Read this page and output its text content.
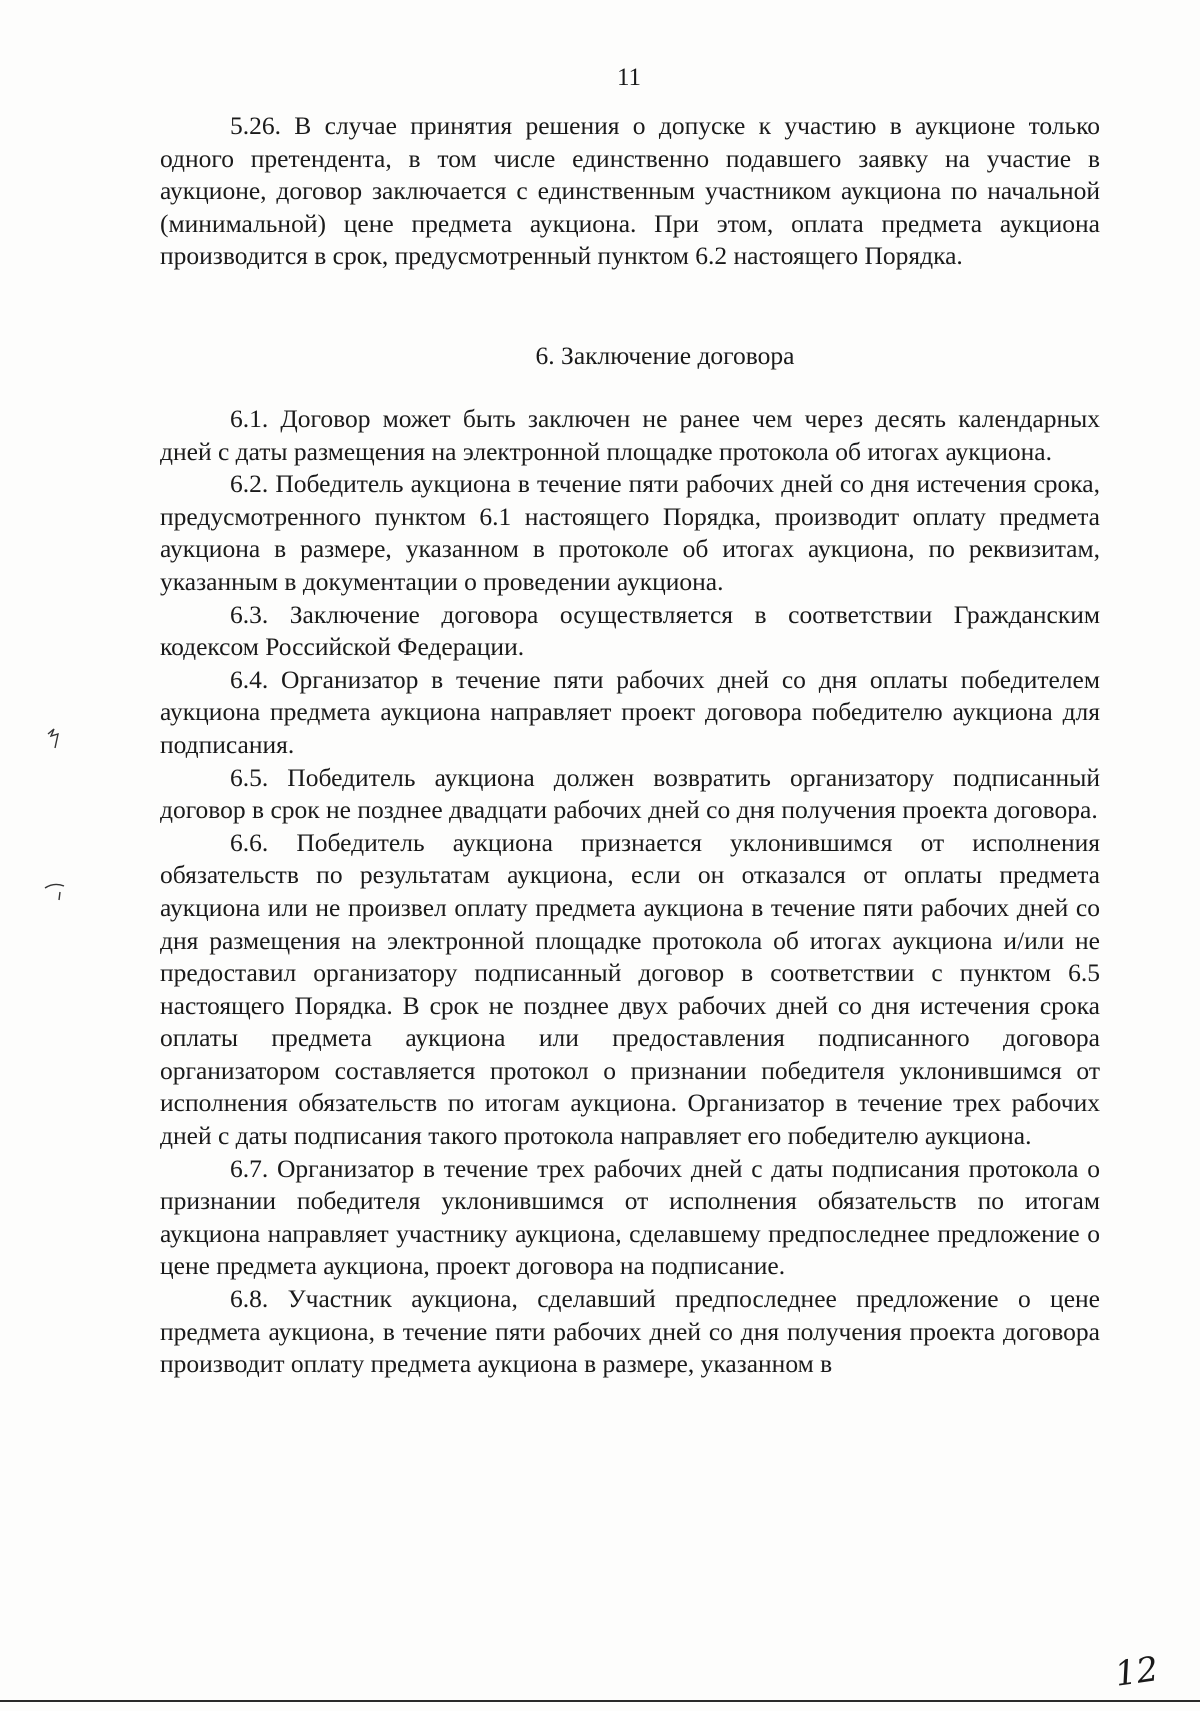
11

5.26. В случае принятия решения о допуске к участию в аукционе только одного претендента, в том числе единственно подавшего заявку на участие в аукционе, договор заключается с единственным участником аукциона по начальной (минимальной) цене предмета аукциона. При этом, оплата предмета аукциона производится в срок, предусмотренный пунктом 6.2 настоящего Порядка.

6. Заключение договора

6.1. Договор может быть заключен не ранее чем через десять календарных дней с даты размещения на электронной площадке протокола об итогах аукциона.

6.2. Победитель аукциона в течение пяти рабочих дней со дня истечения срока, предусмотренного пунктом 6.1 настоящего Порядка, производит оплату предмета аукциона в размере, указанном в протоколе об итогах аукциона, по реквизитам, указанным в документации о проведении аукциона.

6.3. Заключение договора осуществляется в соответствии Гражданским кодексом Российской Федерации.

6.4. Организатор в течение пяти рабочих дней со дня оплаты победителем аукциона предмета аукциона направляет проект договора победителю аукциона для подписания.

6.5. Победитель аукциона должен возвратить организатору подписанный договор в срок не позднее двадцати рабочих дней со дня получения проекта договора.

6.6. Победитель аукциона признается уклонившимся от исполнения обязательств по результатам аукциона, если он отказался от оплаты предмета аукциона или не произвел оплату предмета аукциона в течение пяти рабочих дней со дня размещения на электронной площадке протокола об итогах аукциона и/или не предоставил организатору подписанный договор в соответствии с пунктом 6.5 настоящего Порядка. В срок не позднее двух рабочих дней со дня истечения срока оплаты предмета аукциона или предоставления подписанного договора организатором составляется протокол о признании победителя уклонившимся от исполнения обязательств по итогам аукциона. Организатор в течение трех рабочих дней с даты подписания такого протокола направляет его победителю аукциона.

6.7. Организатор в течение трех рабочих дней с даты подписания протокола о признании победителя уклонившимся от исполнения обязательств по итогам аукциона направляет участнику аукциона, сделавшему предпоследнее предложение о цене предмета аукциона, проект договора на подписание.

6.8. Участник аукциона, сделавший предпоследнее предложение о цене предмета аукциона, в течение пяти рабочих дней со дня получения проекта договора производит оплату предмета аукциона в размере, указанном в

12
